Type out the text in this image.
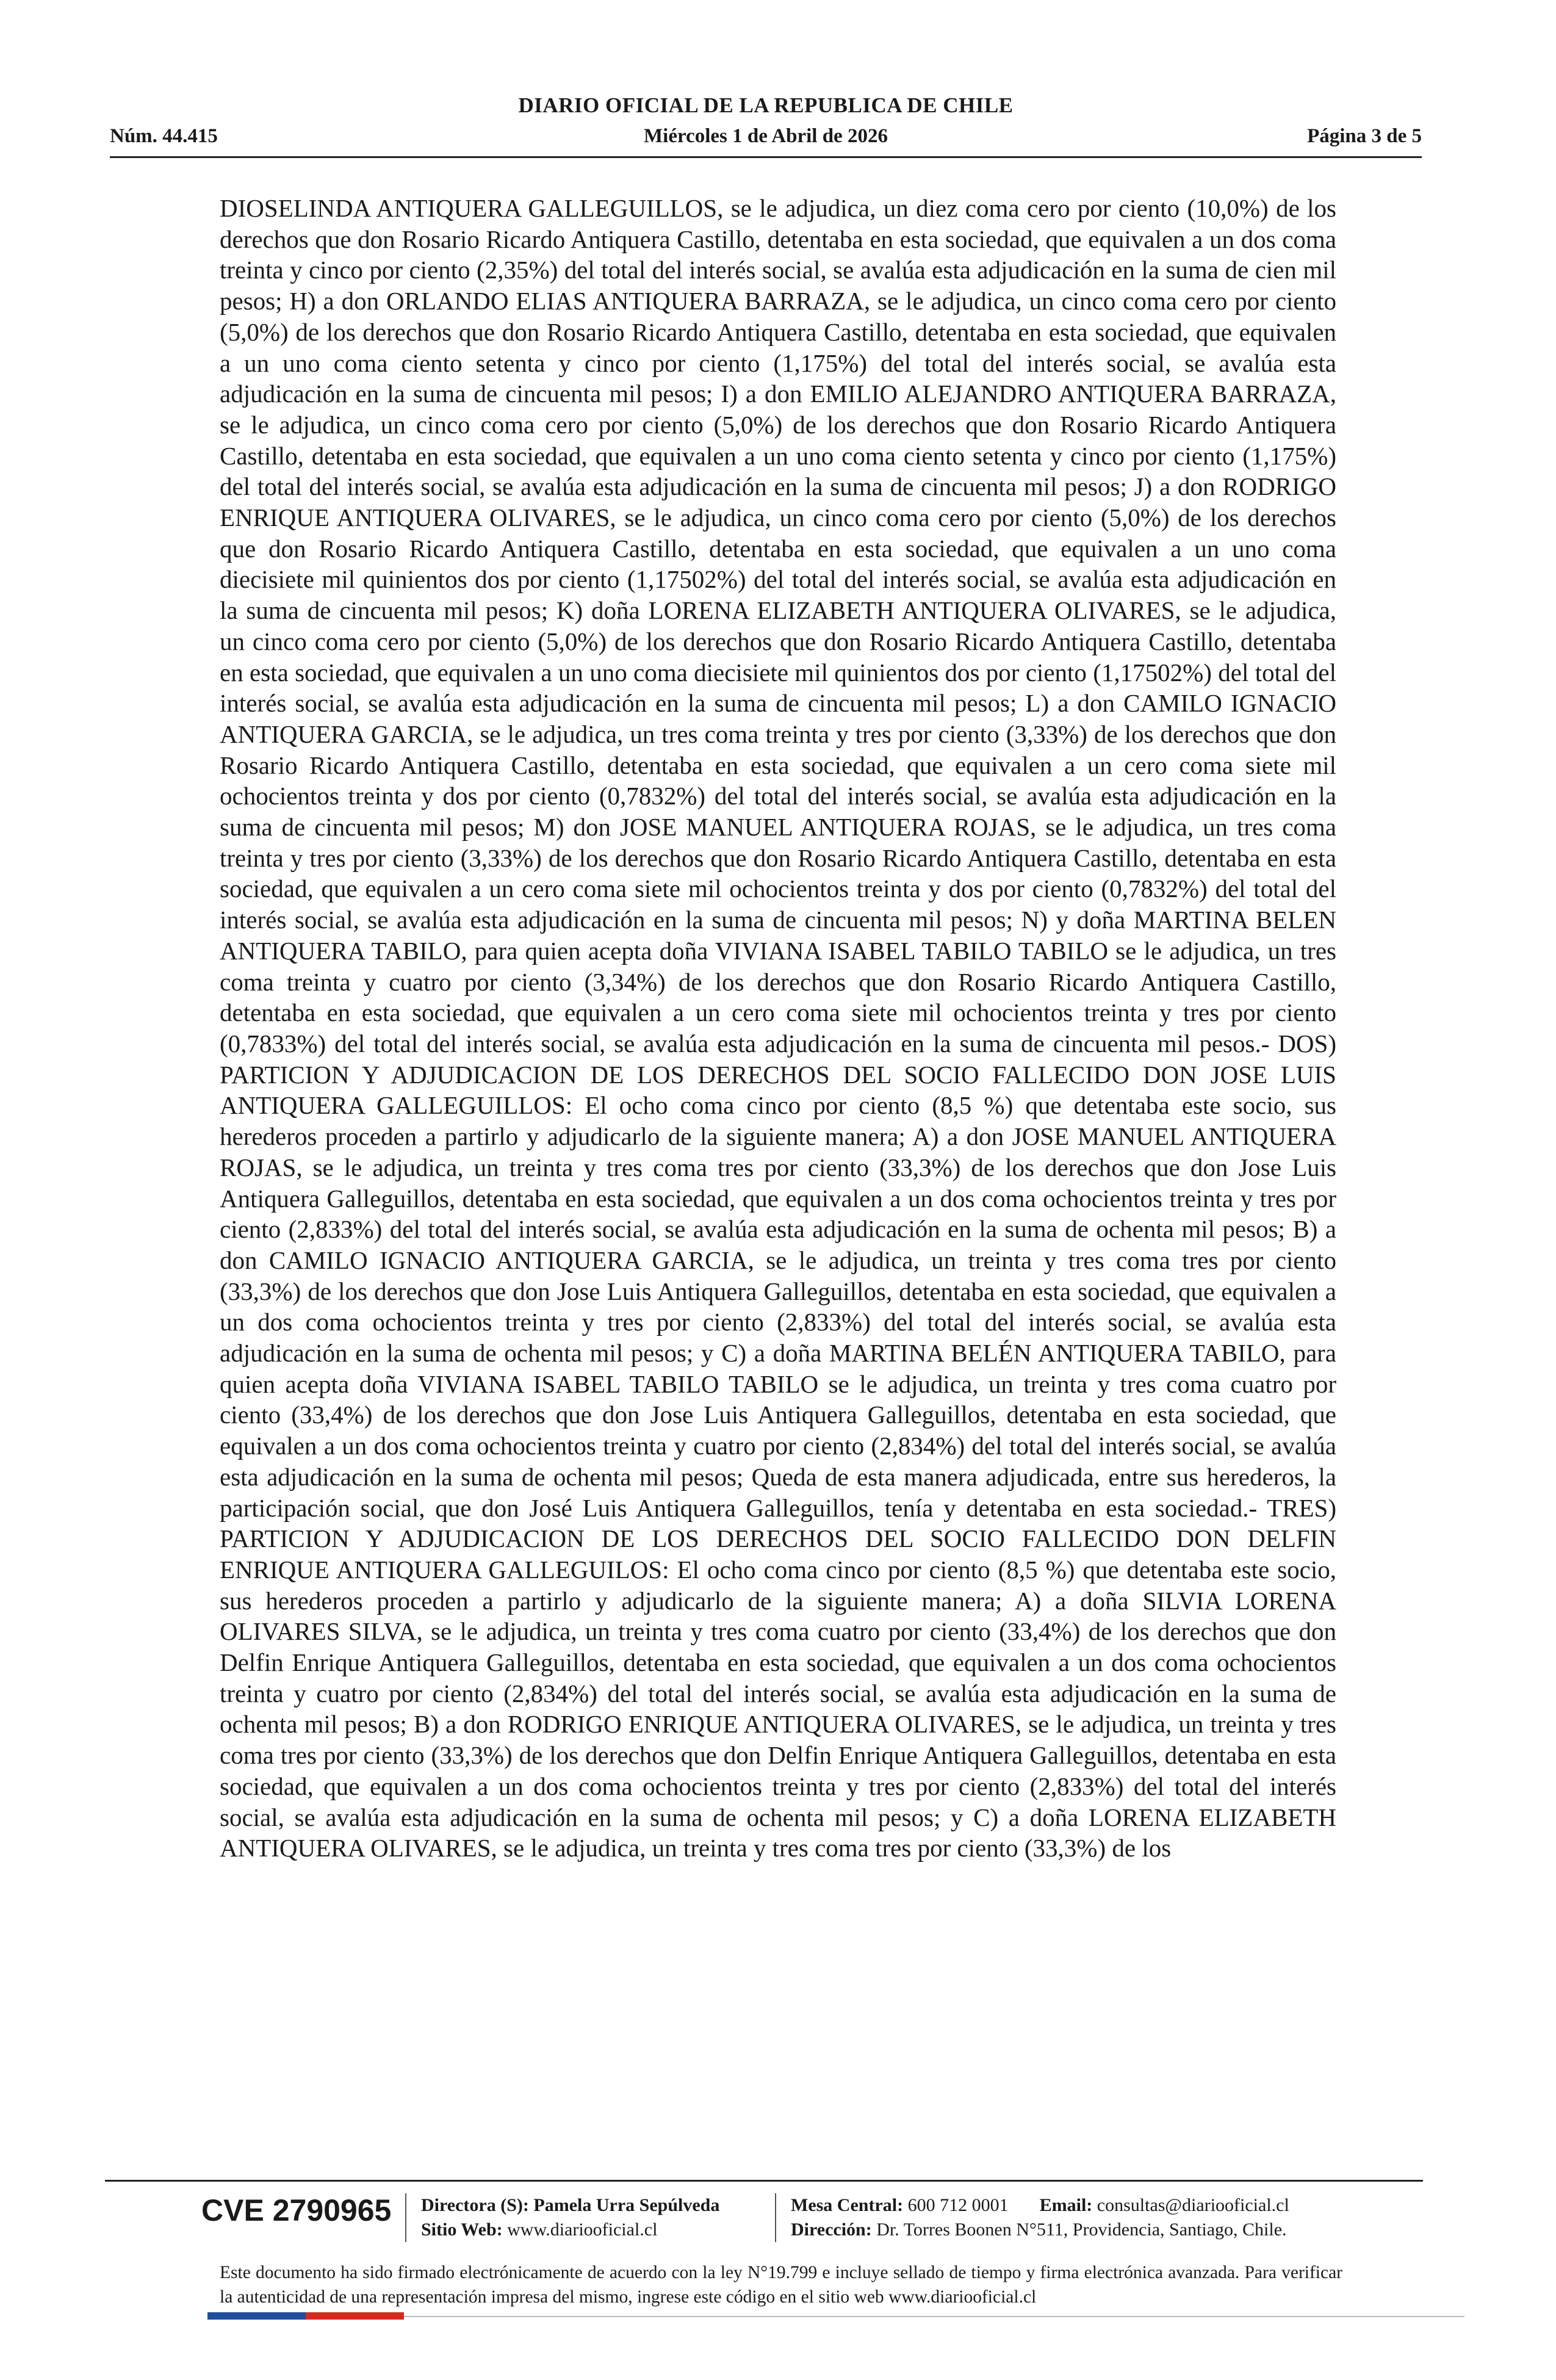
DIARIO OFICIAL DE LA REPUBLICA DE CHILE
Núm. 44.415	Miércoles 1 de Abril de 2026	Página 3 de 5

DIOSELINDA ANTIQUERA GALLEGUILLOS, se le adjudica, un diez coma cero por ciento (10,0%) de los derechos que don Rosario Ricardo Antiquera Castillo, detentaba en esta sociedad, que equivalen a un dos coma treinta y cinco por ciento (2,35%) del total del interés social, se avalúa esta adjudicación en la suma de cien mil pesos; H) a don ORLANDO ELIAS ANTIQUERA BARRAZA, se le adjudica, un cinco coma cero por ciento (5,0%) de los derechos que don Rosario Ricardo Antiquera Castillo, detentaba en esta sociedad, que equivalen a un uno coma ciento setenta y cinco por ciento (1,175%) del total del interés social, se avalúa esta adjudicación en la suma de cincuenta mil pesos; I) a don EMILIO ALEJANDRO ANTIQUERA BARRAZA, se le adjudica, un cinco coma cero por ciento (5,0%) de los derechos que don Rosario Ricardo Antiquera Castillo, detentaba en esta sociedad, que equivalen a un uno coma ciento setenta y cinco por ciento (1,175%) del total del interés social, se avalúa esta adjudicación en la suma de cincuenta mil pesos; J) a don RODRIGO ENRIQUE ANTIQUERA OLIVARES, se le adjudica, un cinco coma cero por ciento (5,0%) de los derechos que don Rosario Ricardo Antiquera Castillo, detentaba en esta sociedad, que equivalen a un uno coma diecisiete mil quinientos dos por ciento (1,17502%) del total del interés social, se avalúa esta adjudicación en la suma de cincuenta mil pesos; K) doña LORENA ELIZABETH ANTIQUERA OLIVARES, se le adjudica, un cinco coma cero por ciento (5,0%) de los derechos que don Rosario Ricardo Antiquera Castillo, detentaba en esta sociedad, que equivalen a un uno coma diecisiete mil quinientos dos por ciento (1,17502%) del total del interés social, se avalúa esta adjudicación en la suma de cincuenta mil pesos; L) a don CAMILO IGNACIO ANTIQUERA GARCIA, se le adjudica, un tres coma treinta y tres por ciento (3,33%) de los derechos que don Rosario Ricardo Antiquera Castillo, detentaba en esta sociedad, que equivalen a un cero coma siete mil ochocientos treinta y dos por ciento (0,7832%) del total del interés social, se avalúa esta adjudicación en la suma de cincuenta mil pesos; M) don JOSE MANUEL ANTIQUERA ROJAS, se le adjudica, un tres coma treinta y tres por ciento (3,33%) de los derechos que don Rosario Ricardo Antiquera Castillo, detentaba en esta sociedad, que equivalen a un cero coma siete mil ochocientos treinta y dos por ciento (0,7832%) del total del interés social, se avalúa esta adjudicación en la suma de cincuenta mil pesos; N) y doña MARTINA BELEN ANTIQUERA TABILO, para quien acepta doña VIVIANA ISABEL TABILO TABILO se le adjudica, un tres coma treinta y cuatro por ciento (3,34%) de los derechos que don Rosario Ricardo Antiquera Castillo, detentaba en esta sociedad, que equivalen a un cero coma siete mil ochocientos treinta y tres por ciento (0,7833%) del total del interés social, se avalúa esta adjudicación en la suma de cincuenta mil pesos.- DOS) PARTICION Y ADJUDICACION DE LOS DERECHOS DEL SOCIO FALLECIDO DON JOSE LUIS ANTIQUERA GALLEGUILLOS: El ocho coma cinco por ciento (8,5 %) que detentaba este socio, sus herederos proceden a partirlo y adjudicarlo de la siguiente manera; A) a don JOSE MANUEL ANTIQUERA ROJAS, se le adjudica, un treinta y tres coma tres por ciento (33,3%) de los derechos que don Jose Luis Antiquera Galleguillos, detentaba en esta sociedad, que equivalen a un dos coma ochocientos treinta y tres por ciento (2,833%) del total del interés social, se avalúa esta adjudicación en la suma de ochenta mil pesos; B) a don CAMILO IGNACIO ANTIQUERA GARCIA, se le adjudica, un treinta y tres coma tres por ciento (33,3%) de los derechos que don Jose Luis Antiquera Galleguillos, detentaba en esta sociedad, que equivalen a un dos coma ochocientos treinta y tres por ciento (2,833%) del total del interés social, se avalúa esta adjudicación en la suma de ochenta mil pesos; y C) a doña MARTINA BELÉN ANTIQUERA TABILO, para quien acepta doña VIVIANA ISABEL TABILO TABILO se le adjudica, un treinta y tres coma cuatro por ciento (33,4%) de los derechos que don Jose Luis Antiquera Galleguillos, detentaba en esta sociedad, que equivalen a un dos coma ochocientos treinta y cuatro por ciento (2,834%) del total del interés social, se avalúa esta adjudicación en la suma de ochenta mil pesos; Queda de esta manera adjudicada, entre sus herederos, la participación social, que don José Luis Antiquera Galleguillos, tenía y detentaba en esta sociedad.- TRES) PARTICION Y ADJUDICACION DE LOS DERECHOS DEL SOCIO FALLECIDO DON DELFIN ENRIQUE ANTIQUERA GALLEGUILOS: El ocho coma cinco por ciento (8,5 %) que detentaba este socio, sus herederos proceden a partirlo y adjudicarlo de la siguiente manera; A) a doña SILVIA LORENA OLIVARES SILVA, se le adjudica, un treinta y tres coma cuatro por ciento (33,4%) de los derechos que don Delfin Enrique Antiquera Galleguillos, detentaba en esta sociedad, que equivalen a un dos coma ochocientos treinta y cuatro por ciento (2,834%) del total del interés social, se avalúa esta adjudicación en la suma de ochenta mil pesos; B) a don RODRIGO ENRIQUE ANTIQUERA OLIVARES, se le adjudica, un treinta y tres coma tres por ciento (33,3%) de los derechos que don Delfin Enrique Antiquera Galleguillos, detentaba en esta sociedad, que equivalen a un dos coma ochocientos treinta y tres por ciento (2,833%) del total del interés social, se avalúa esta adjudicación en la suma de ochenta mil pesos; y C) a doña LORENA ELIZABETH ANTIQUERA OLIVARES, se le adjudica, un treinta y tres coma tres por ciento (33,3%) de los

CVE 2790965 Directora (S): Pamela Urra Sepúlveda
Sitio Web: www.diariooficial.cl
Mesa Central: 600 712 0001 Email: consultas@diariooficial.cl
Dirección: Dr. Torres Boonen N°511, Providencia, Santiago, Chile.

Este documento ha sido firmado electrónicamente de acuerdo con la ley N°19.799 e incluye sellado de tiempo y firma electrónica avanzada. Para verificar la autenticidad de una representación impresa del mismo, ingrese este código en el sitio web www.diariooficial.cl
